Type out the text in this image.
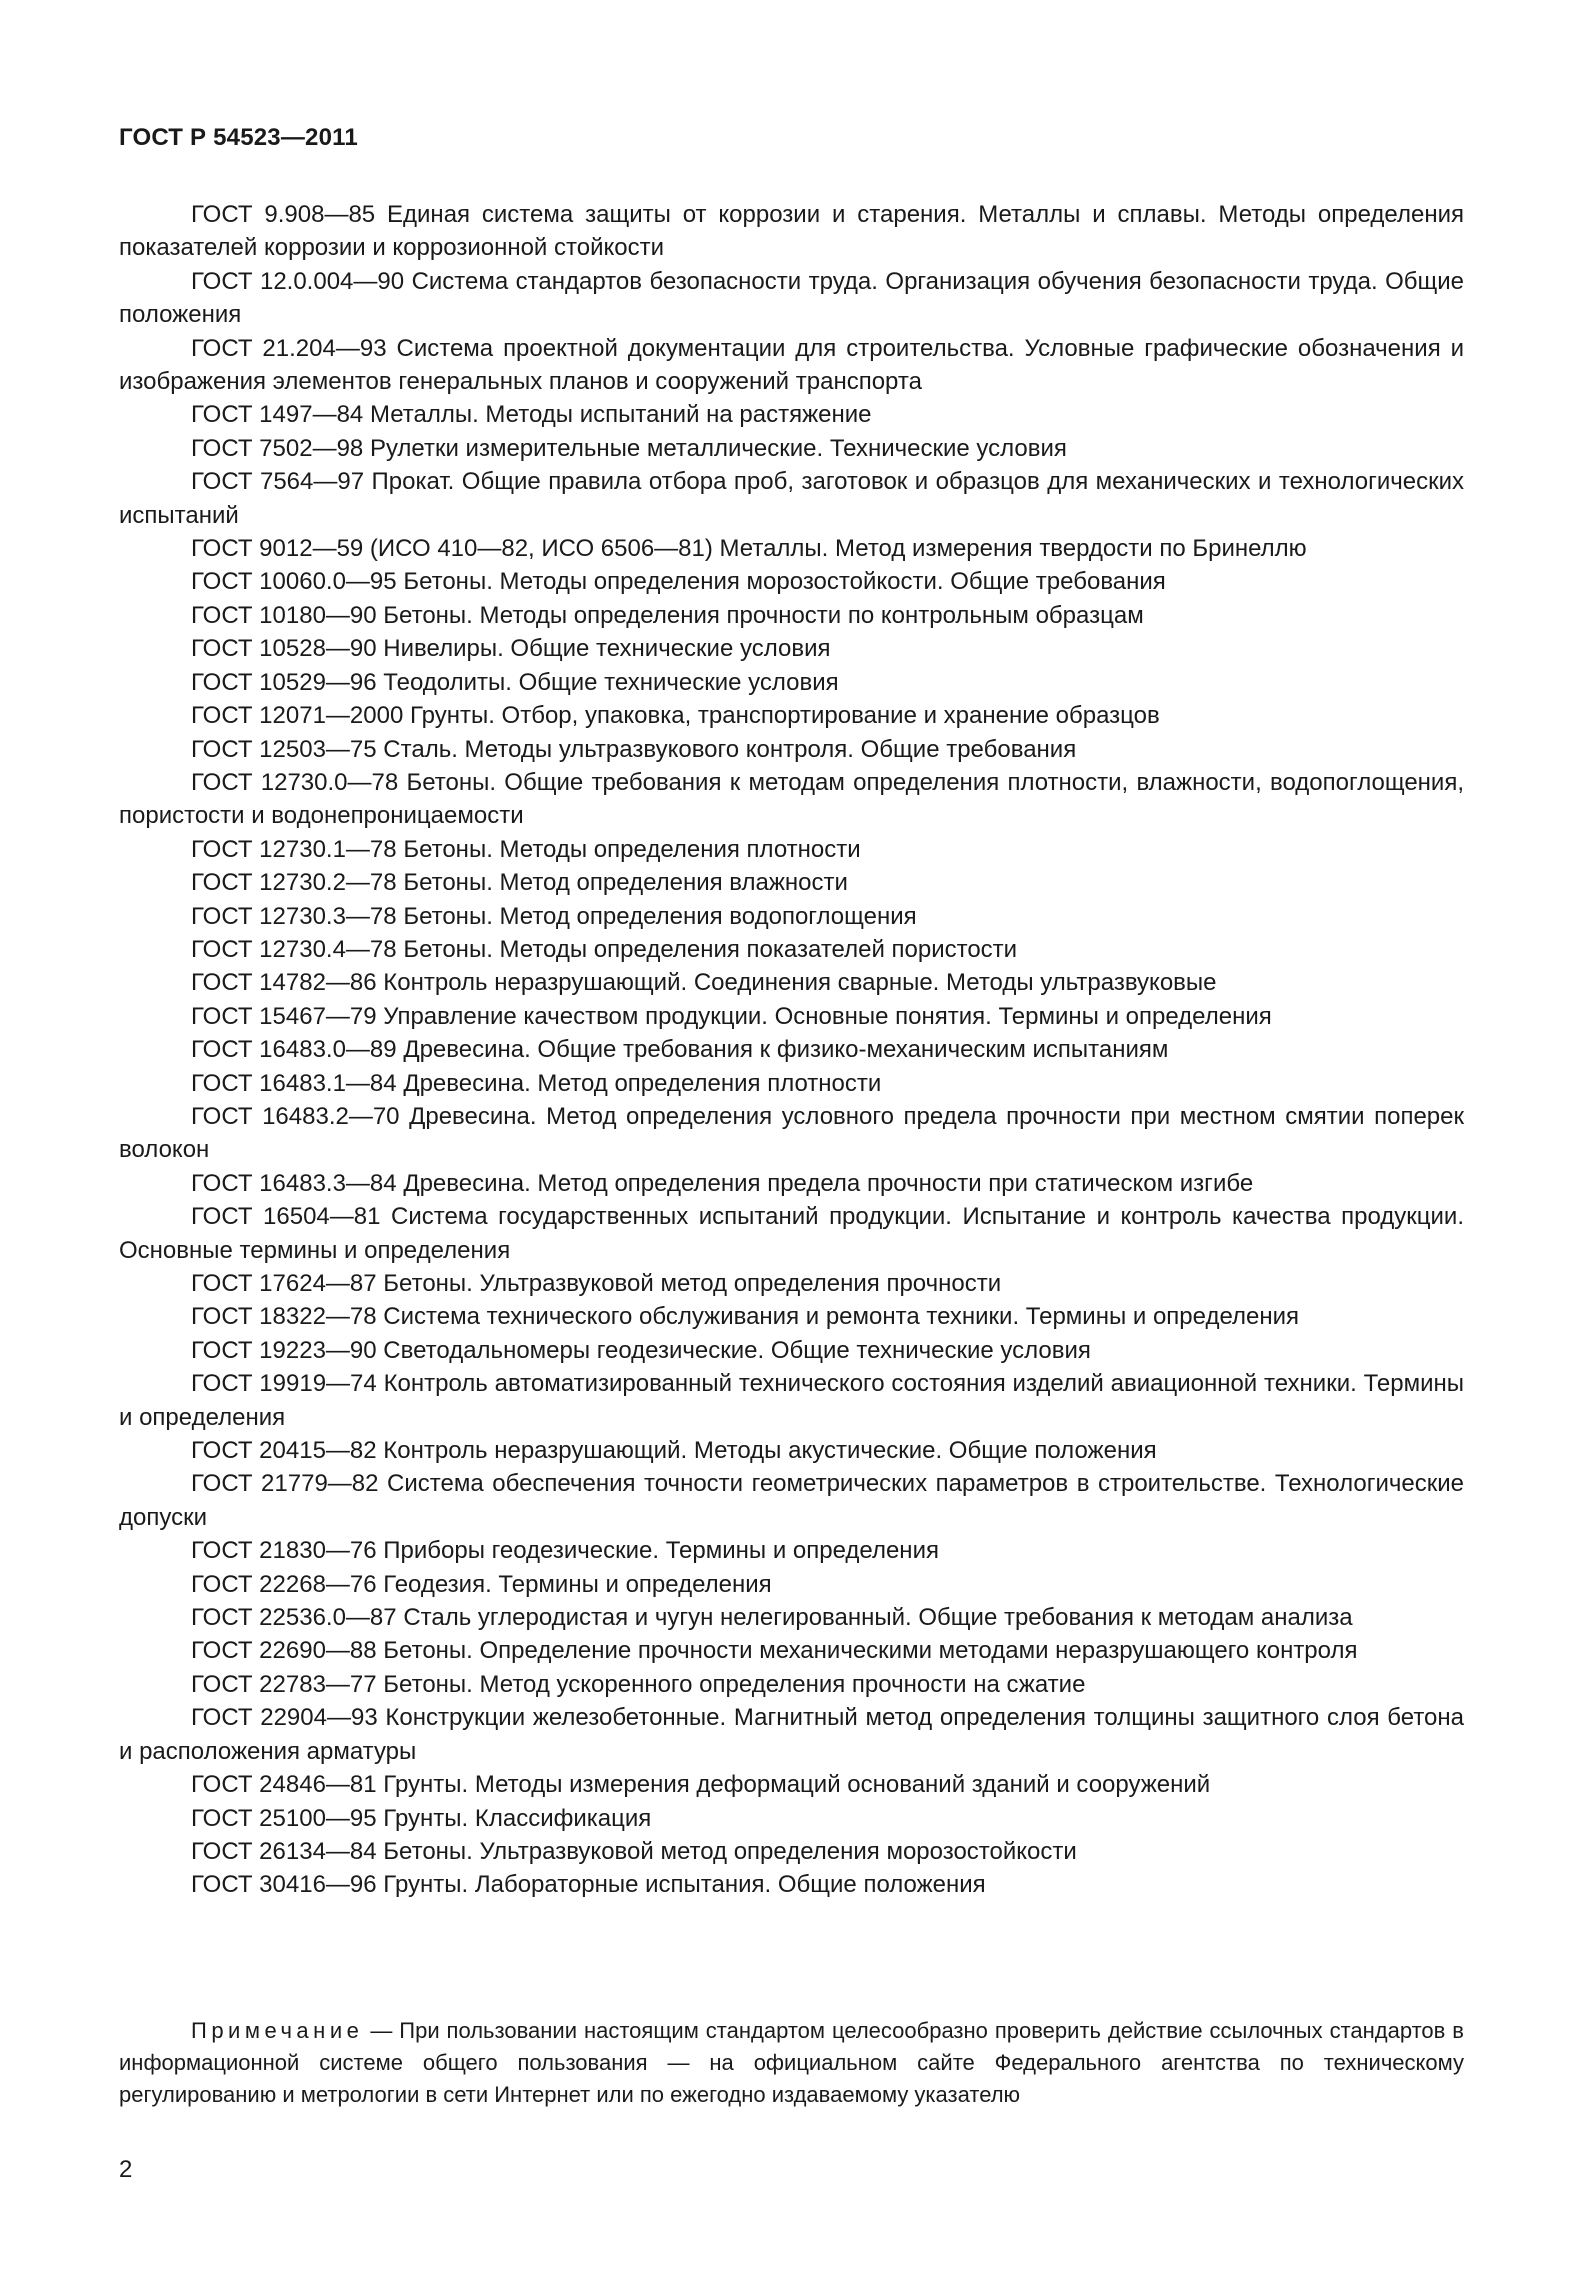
ГОСТ Р 54523—2011

ГОСТ 9.908—85 Единая система защиты от коррозии и старения. Металлы и сплавы. Методы определения показателей коррозии и коррозионной стойкости

ГОСТ 12.0.004—90 Система стандартов безопасности труда. Организация обучения безопасности труда. Общие положения

ГОСТ 21.204—93 Система проектной документации для строительства. Условные графические обозначения и изображения элементов генеральных планов и сооружений транспорта

ГОСТ 1497—84 Металлы. Методы испытаний на растяжение

ГОСТ 7502—98 Рулетки измерительные металлические. Технические условия

ГОСТ 7564—97 Прокат. Общие правила отбора проб, заготовок и образцов для механических и технологических испытаний

ГОСТ 9012—59 (ИСО 410—82, ИСО 6506—81) Металлы. Метод измерения твердости по Бринеллю

ГОСТ 10060.0—95 Бетоны. Методы определения морозостойкости. Общие требования

ГОСТ 10180—90 Бетоны. Методы определения прочности по контрольным образцам

ГОСТ 10528—90 Нивелиры. Общие технические условия

ГОСТ 10529—96 Теодолиты. Общие технические условия

ГОСТ 12071—2000 Грунты. Отбор, упаковка, транспортирование и хранение образцов

ГОСТ 12503—75 Сталь. Методы ультразвукового контроля. Общие требования

ГОСТ 12730.0—78 Бетоны. Общие требования к методам определения плотности, влажности, водопоглощения, пористости и водонепроницаемости

ГОСТ 12730.1—78 Бетоны. Методы определения плотности

ГОСТ 12730.2—78 Бетоны. Метод определения влажности

ГОСТ 12730.3—78 Бетоны. Метод определения водопоглощения

ГОСТ 12730.4—78 Бетоны. Методы определения показателей пористости

ГОСТ 14782—86 Контроль неразрушающий. Соединения сварные. Методы ультразвуковые

ГОСТ 15467—79 Управление качеством продукции. Основные понятия. Термины и определения

ГОСТ 16483.0—89 Древесина. Общие требования к физико-механическим испытаниям

ГОСТ 16483.1—84 Древесина. Метод определения плотности

ГОСТ 16483.2—70 Древесина. Метод определения условного предела прочности при местном смятии поперек волокон

ГОСТ 16483.3—84 Древесина. Метод определения предела прочности при статическом изгибе

ГОСТ 16504—81 Система государственных испытаний продукции. Испытание и контроль качества продукции. Основные термины и определения

ГОСТ 17624—87 Бетоны. Ультразвуковой метод определения прочности

ГОСТ 18322—78 Система технического обслуживания и ремонта техники. Термины и определения

ГОСТ 19223—90 Светодальномеры геодезические. Общие технические условия

ГОСТ 19919—74 Контроль автоматизированный технического состояния изделий авиационной техники. Термины и определения

ГОСТ 20415—82 Контроль неразрушающий. Методы акустические. Общие положения

ГОСТ 21779—82 Система обеспечения точности геометрических параметров в строительстве. Технологические допуски

ГОСТ 21830—76 Приборы геодезические. Термины и определения

ГОСТ 22268—76 Геодезия. Термины и определения

ГОСТ 22536.0—87 Сталь углеродистая и чугун нелегированный. Общие требования к методам анализа

ГОСТ 22690—88 Бетоны. Определение прочности механическими методами неразрушающего контроля

ГОСТ 22783—77 Бетоны. Метод ускоренного определения прочности на сжатие

ГОСТ 22904—93 Конструкции железобетонные. Магнитный метод определения толщины защитного слоя бетона и расположения арматуры

ГОСТ 24846—81 Грунты. Методы измерения деформаций оснований зданий и сооружений

ГОСТ 25100—95 Грунты. Классификация

ГОСТ 26134—84 Бетоны. Ультразвуковой метод определения морозостойкости

ГОСТ 30416—96 Грунты. Лабораторные испытания. Общие положения

Примечание — При пользовании настоящим стандартом целесообразно проверить действие ссылочных стандартов в информационной системе общего пользования — на официальном сайте Федерального агентства по техническому регулированию и метрологии в сети Интернет или по ежегодно издаваемому указателю

2
